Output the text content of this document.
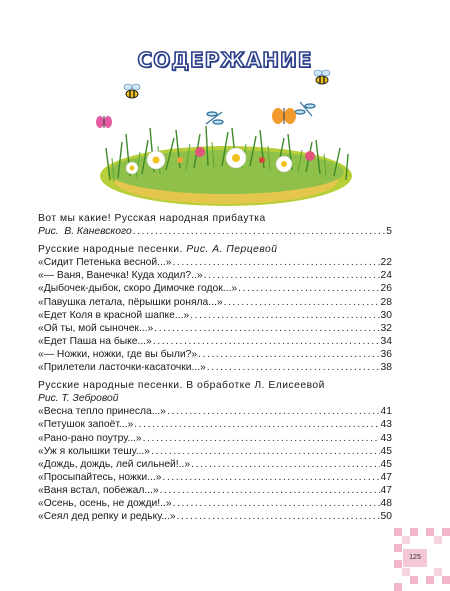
СОДЕРЖАНИЕ
Вот мы какие! Русская народная прибаутка
Рис. В. Каневского .....	5
Русские народные песенки. Рис. А. Перцевой
«Сидит Петенька весной...» .....	22
«— Ваня, Ванечка! Куда ходил?..» .....	24
«Дыбочек-дыбок, скоро Димочке годок...» .....	26
«Павушка летала, пёрышки роняла...» .....	28
«Едет Коля в красной шапке...» .....	30
«Ой ты, мой сыночек...» .....	32
«Едет Паша на быке...» .....	34
«— Ножки, ножки, где вы были?» .....	36
«Прилетели ласточки-касаточки...» .....	38
Русские народные песенки. В обработке Л. Елисеевой
Рис. Т. Зебровой
«Весна тепло принесла...» .....	41
«Петушок запоёт...» .....	43
«Рано-рано поутру...» .....	43
«Уж я колышки тешу...» .....	45
«Дождь, дождь, лей сильней!..» .....	45
«Просыпайтесь, ножки...» .....	47
«Ваня встал, побежал...» .....	47
«Осень, осень, не дожди!..» .....	48
«Сеял дед репку и редьку...» .....	50
125
